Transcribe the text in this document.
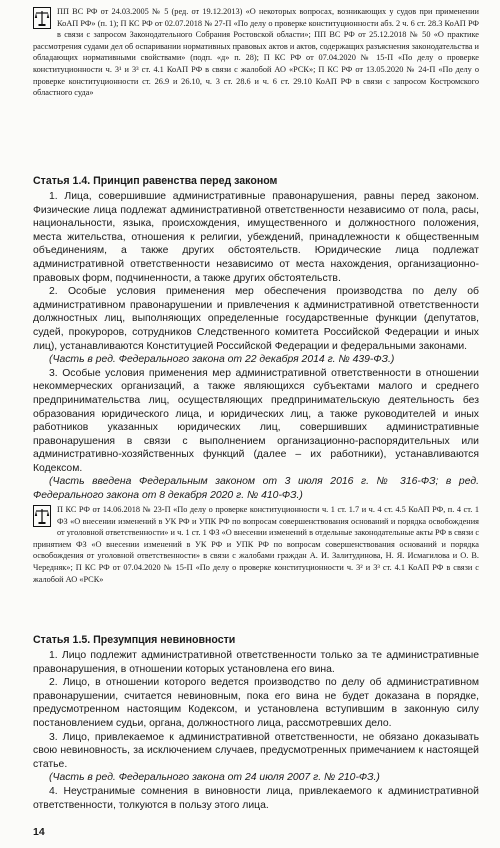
ПП ВС РФ от 24.03.2005 № 5 (ред. от 19.12.2013) «О некоторых вопросах, возникающих у судов при применении КоАП РФ» (п. 1); П КС РФ от 02.07.2018 № 27-П «По делу о проверке конституционности абз. 2 ч. 6 ст. 28.3 КоАП РФ в связи с запросом Законодательного Собрания Ростовской области»; ПП ВС РФ от 25.12.2018 № 50 «О практике рассмотрения судами дел об оспаривании нормативных правовых актов и актов, содержащих разъяснения законодательства и обладающих нормативными свойствами» (подп. «д» п. 28); П КС РФ от 07.04.2020 № 15-П «По делу о проверке конституционности ч. 3¹ и 3³ ст. 4.1 КоАП РФ в связи с жалобой АО «РСК»; П КС РФ от 13.05.2020 № 24-П «По делу о проверке конституционности ст. 26.9 и 26.10, ч. 3 ст. 28.6 и ч. 6 ст. 29.10 КоАП РФ в связи с запросом Костромского областного суда»

Статья 1.4. Принцип равенства перед законом

1. Лица, совершившие административные правонарушения, равны перед законом. Физические лица подлежат административной ответственности независимо от пола, расы, национальности, языка, происхождения, имущественного и должностного положения, места жительства, отношения к религии, убеждений, принадлежности к общественным объединениям, а также других обстоятельств. Юридические лица подлежат административной ответственности независимо от места нахождения, организационно-правовых форм, подчиненности, а также других обстоятельств.

2. Особые условия применения мер обеспечения производства по делу об административном правонарушении и привлечения к административной ответственности должностных лиц, выполняющих определенные государственные функции (депутатов, судей, прокуроров, сотрудников Следственного комитета Российской Федерации и иных лиц), устанавливаются Конституцией Российской Федерации и федеральными законами.

(Часть в ред. Федерального закона от 22 декабря 2014 г. № 439-ФЗ.)

3. Особые условия применения мер административной ответственности в отношении некоммерческих организаций, а также являющихся субъектами малого и среднего предпринимательства лиц, осуществляющих предпринимательскую деятельность без образования юридического лица, и юридических лиц, а также руководителей и иных работников указанных юридических лиц, совершивших административные правонарушения в связи с выполнением организационно-распорядительных или административно-хозяйственных функций (далее – их работники), устанавливаются Кодексом.

(Часть введена Федеральным законом от 3 июля 2016 г. № 316-ФЗ; в ред. Федерального закона от 8 декабря 2020 г. № 410-ФЗ.)

П КС РФ от 14.06.2018 № 23-П «По делу о проверке конституционности ч. 1 ст. 1.7 и ч. 4 ст. 4.5 КоАП РФ, п. 4 ст. 1 ФЗ «О внесении изменений в УК РФ и УПК РФ по вопросам совершенствования оснований и порядка освобождения от уголовной ответственности» и ч. 1 ст. 1 ФЗ «О внесении изменений в отдельные законодательные акты РФ в связи с принятием ФЗ «О внесении изменений в УК РФ и УПК РФ по вопросам совершенствования оснований и порядка освобождения от уголовной ответственности» в связи с жалобами граждан А. И. Залитудинова, Н. Я. Исмагилова и О. В. Чередняк»; П КС РФ от 07.04.2020 № 15-П «По делу о проверке конституционности ч. 3² и 3³ ст. 4.1 КоАП РФ в связи с жалобой АО «РСК»

Статья 1.5. Презумпция невиновности

1. Лицо подлежит административной ответственности только за те административные правонарушения, в отношении которых установлена его вина.

2. Лицо, в отношении которого ведется производство по делу об административном правонарушении, считается невиновным, пока его вина не будет доказана в порядке, предусмотренном настоящим Кодексом, и установлена вступившим в законную силу постановлением судьи, органа, должностного лица, рассмотревших дело.

3. Лицо, привлекаемое к административной ответственности, не обязано доказывать свою невиновность, за исключением случаев, предусмотренных примечанием к настоящей статье.

(Часть в ред. Федерального закона от 24 июля 2007 г. № 210-ФЗ.)

4. Неустранимые сомнения в виновности лица, привлекаемого к административной ответственности, толкуются в пользу этого лица.

14
